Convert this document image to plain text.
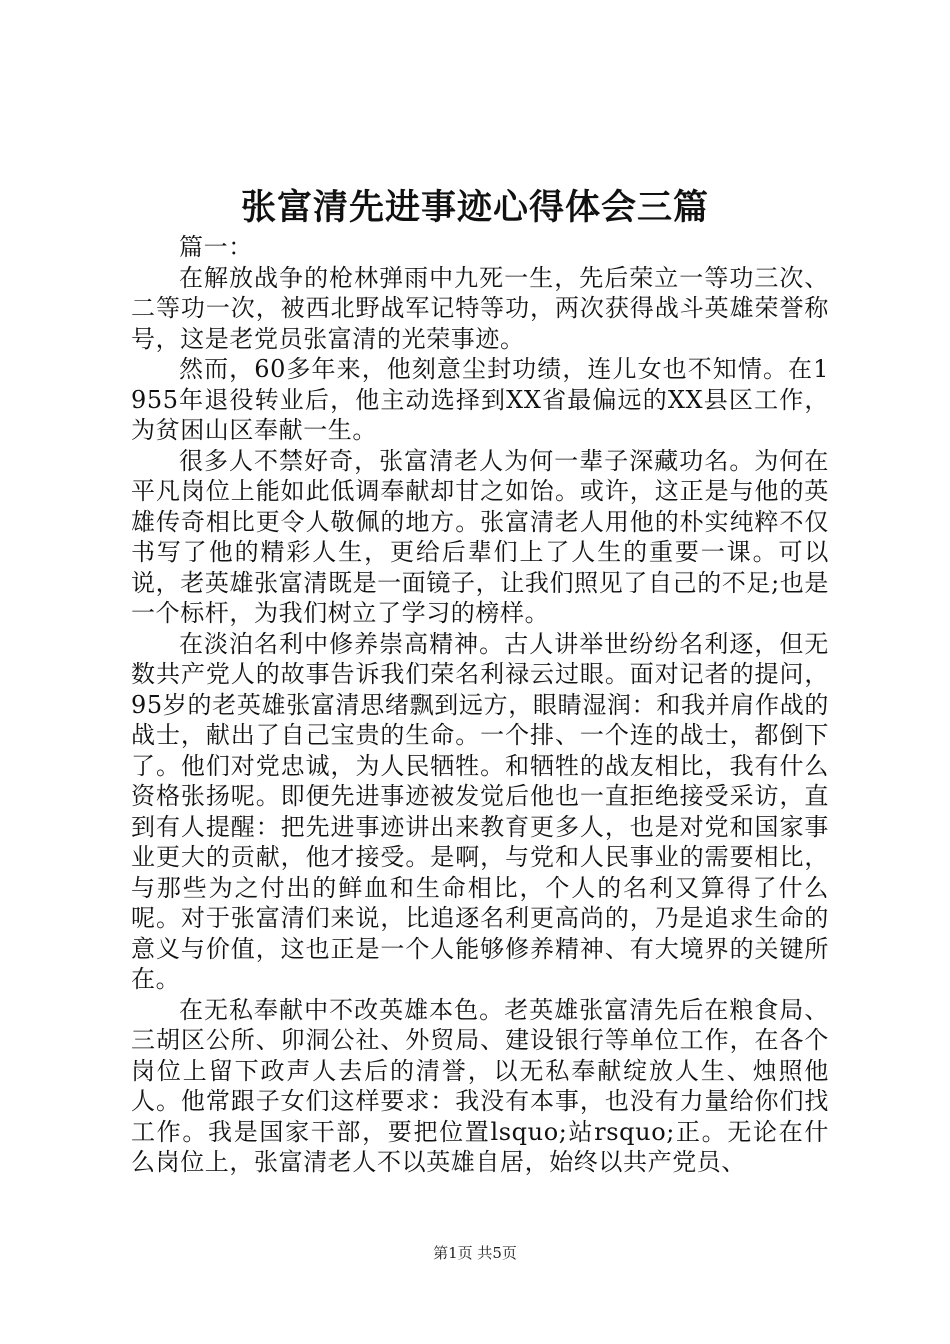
张富清先进事迹心得体会三篇

篇一：

在解放战争的枪林弹雨中九死一生，先后荣立一等功三次、二等功一次，被西北野战军记特等功，两次获得战斗英雄荣誉称号，这是老党员张富清的光荣事迹。

然而，60多年来，他刻意尘封功绩，连儿女也不知情。在1955年退役转业后，他主动选择到XX省最偏远的XX县区工作，为贫困山区奉献一生。

很多人不禁好奇，张富清老人为何一辈子深藏功名。为何在平凡岗位上能如此低调奉献却甘之如饴。或许，这正是与他的英雄传奇相比更令人敬佩的地方。张富清老人用他的朴实纯粹不仅书写了他的精彩人生，更给后辈们上了人生的重要一课。可以说，老英雄张富清既是一面镜子，让我们照见了自己的不足;也是一个标杆，为我们树立了学习的榜样。

在淡泊名利中修养崇高精神。古人讲举世纷纷名利逐，但无数共产党人的故事告诉我们荣名利禄云过眼。面对记者的提问，95岁的老英雄张富清思绪飘到远方，眼睛湿润：和我并肩作战的战士，献出了自己宝贵的生命。一个排、一个连的战士，都倒下了。他们对党忠诚，为人民牺牲。和牺牲的战友相比，我有什么资格张扬呢。即便先进事迹被发觉后他也一直拒绝接受采访，直到有人提醒：把先进事迹讲出来教育更多人，也是对党和国家事业更大的贡献，他才接受。是啊，与党和人民事业的需要相比，与那些为之付出的鲜血和生命相比，个人的名利又算得了什么呢。对于张富清们来说，比追逐名利更高尚的，乃是追求生命的意义与价值，这也正是一个人能够修养精神、有大境界的关键所在。

在无私奉献中不改英雄本色。老英雄张富清先后在粮食局、三胡区公所、卯洞公社、外贸局、建设银行等单位工作，在各个岗位上留下政声人去后的清誉，以无私奉献绽放人生、烛照他人。他常跟子女们这样要求：我没有本事，也没有力量给你们找工作。我是国家干部，要把位置lsquo;站rsquo;正。无论在什么岗位上，张富清老人不以英雄自居，始终以共产党员、

第1页 共5页
